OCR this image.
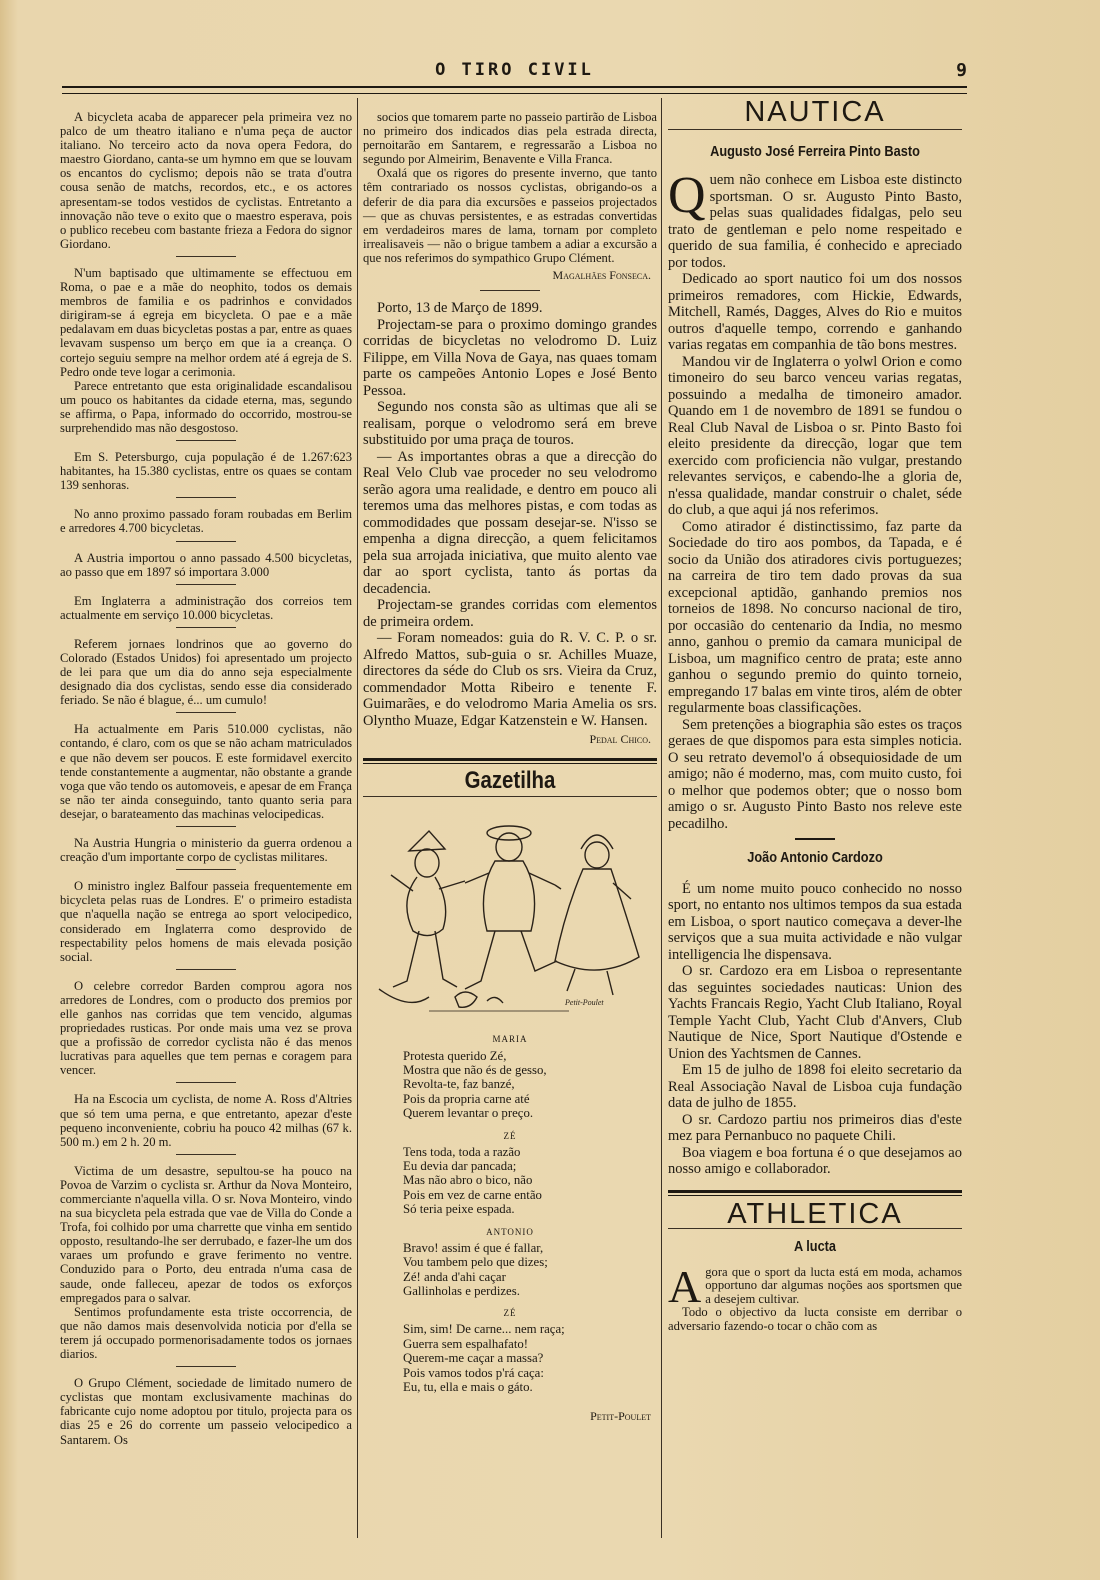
O TIRO CIVIL	9

A bicycleta acaba de apparecer pela primeira vez no palco de um theatro italiano e n'uma peça de auctor italiano. No terceiro acto da nova opera Fedora, do maestro Giordano, canta-se um hymno em que se louvam os encantos do cyclismo; depois não se trata d'outra cousa senão de matchs, recordos, etc., e os actores apresentam-se todos vestidos de cyclistas. Entretanto a innovação não teve o exito que o maestro esperava, pois o publico recebeu com bastante frieza a Fedora do signor Giordano.

N'um baptisado que ultimamente se effectuou em Roma, o pae e a mãe do neophito, todos os demais membros de familia e os padrinhos e convidados dirigiram-se á egreja em bicycleta. O pae e a mãe pedalavam em duas bicycletas postas a par, entre as quaes levavam suspenso um berço em que ia a creança. O cortejo seguiu sempre na melhor ordem até á egreja de S. Pedro onde teve logar a cerimonia.

Parece entretanto que esta originalidade escandalisou um pouco os habitantes da cidade eterna, mas, segundo se affirma, o Papa, informado do occorrido, mostrou-se surprehendido mas não desgostoso.

Em S. Petersburgo, cuja população é de 1.267:623 habitantes, ha 15.380 cyclistas, entre os quaes se contam 139 senhoras.

No anno proximo passado foram roubadas em Berlim e arredores 4.700 bicycletas.

A Austria importou o anno passado 4.500 bicycletas, ao passo que em 1897 só importara 3.000

Em Inglaterra a administração dos correios tem actualmente em serviço 10.000 bicycletas.

Referem jornaes londrinos que ao governo do Colorado (Estados Unidos) foi apresentado um projecto de lei para que um dia do anno seja especialmente designado dia dos cyclistas, sendo esse dia considerado feriado. Se não é blague, é... um cumulo!

Ha actualmente em Paris 510.000 cyclistas, não contando, é claro, com os que se não acham matriculados e que não devem ser poucos. E este formidavel exercito tende constantemente a augmentar, não obstante a grande voga que vão tendo os automoveis, e apesar de em França se não ter ainda conseguindo, tanto quanto seria para desejar, o barateamento das machinas velocipedicas.

Na Austria Hungria o ministerio da guerra ordenou a creação d'um importante corpo de cyclistas militares.

O ministro inglez Balfour passeia frequentemente em bicycleta pelas ruas de Londres. E' o primeiro estadista que n'aquella nação se entrega ao sport velocipedico, considerado em Inglaterra como desprovido de respectability pelos homens de mais elevada posição social.

O celebre corredor Barden comprou agora nos arredores de Londres, com o producto dos premios por elle ganhos nas corridas que tem vencido, algumas propriedades rusticas. Por onde mais uma vez se prova que a profissão de corredor cyclista não é das menos lucrativas para aquelles que tem pernas e coragem para vencer.

Ha na Escocia um cyclista, de nome A. Ross d'Altries que só tem uma perna, e que entretanto, apezar d'este pequeno inconveniente, cobriu ha pouco 42 milhas (67 k. 500 m.) em 2 h. 20 m.

Victima de um desastre, sepultou-se ha pouco na Povoa de Varzim o cyclista sr. Arthur da Nova Monteiro, commerciante n'aquella villa. O sr. Nova Monteiro, vindo na sua bicycleta pela estrada que vae de Villa do Conde a Trofa, foi colhido por uma charrette que vinha em sentido opposto, resultando-lhe ser derrubado, e fazer-lhe um dos varaes um profundo e grave ferimento no ventre. Conduzido para o Porto, deu entrada n'uma casa de saude, onde falleceu, apezar de todos os exforços empregados para o salvar.

Sentimos profundamente esta triste occorrencia, de que não damos mais desenvolvida noticia por d'ella se terem já occupado pormenorisadamente todos os jornaes diarios.

O Grupo Clément, sociedade de limitado numero de cyclistas que montam exclusivamente machinas do fabricante cujo nome adoptou por titulo, projecta para os dias 25 e 26 do corrente um passeio velocipedico a Santarem. Os

socios que tomarem parte no passeio partirão de Lisboa no primeiro dos indicados dias pela estrada directa, pernoitarão em Santarem, e regressarão a Lisboa no segundo por Almeirim, Benavente e Villa Franca.

Oxalá que os rigores do presente inverno, que tanto têm contrariado os nossos cyclistas, obrigando-os a deferir de dia para dia excursões e passeios projectados — que as chuvas persistentes, e as estradas convertidas em verdadeiros mares de lama, tornam por completo irrealisaveis — não o brigue tambem a adiar a excursão a que nos referimos do sympathico Grupo Clément.

Magalhães Fonseca.

Porto, 13 de Março de 1899.

Projectam-se para o proximo domingo grandes corridas de bicycletas no velodromo D. Luiz Filippe, em Villa Nova de Gaya, nas quaes tomam parte os campeões Antonio Lopes e José Bento Pessoa.

Segundo nos consta são as ultimas que ali se realisam, porque o velodromo será em breve substituido por uma praça de touros.

— As importantes obras a que a direcção do Real Velo Club vae proceder no seu velodromo serão agora uma realidade, e dentro em pouco ali teremos uma das melhores pistas, e com todas as commodidades que possam desejar-se. N'isso se empenha a digna direcção, a quem felicitamos pela sua arrojada iniciativa, que muito alento vae dar ao sport cyclista, tanto ás portas da decadencia.

Projectam-se grandes corridas com elementos de primeira ordem.

— Foram nomeados: guia do R. V. C. P. o sr. Alfredo Mattos, sub-guia o sr. Achilles Muaze, directores da séde do Club os srs. Vieira da Cruz, commendador Motta Ribeiro e tenente F. Guimarães, e do velodromo Maria Amelia os srs. Olyntho Muaze, Edgar Katzenstein e W. Hansen.

Pedal Chico.
Gazetilha
Petit-Poulet
MARIA
Protesta querido Zé,
Mostra que não és de gesso,
Revolta-te, faz banzé,
Pois da propria carne até
Querem levantar o preço.
ZÉ
Tens toda, toda a razão
Eu devia dar pancada;
Mas não abro o bico, não
Pois em vez de carne então
Só teria peixe espada.
ANTONIO
Bravo! assim é que é fallar,
Vou tambem pelo que dizes;
Zé! anda d'ahi caçar
Gallinholas e perdizes.
ZÉ
Sim, sim! De carne... nem raça;
Guerra sem espalhafato!
Querem-me caçar a massa?
Pois vamos todos p'rá caça:
Eu, tu, ella e mais o gáto.
Petit-Poulet
NAUTICA
Augusto José Ferreira Pinto Basto
Q uem não conhece em Lisboa este distincto sportsman. O sr. Augusto Pinto Basto, pelas suas qualidades fidalgas, pelo seu trato de gentleman e pelo nome respeitado e querido de sua familia, é conhecido e apreciado por todos.

Dedicado ao sport nautico foi um dos nossos primeiros remadores, com Hickie, Edwards, Mitchell, Ramés, Dagges, Alves do Rio e muitos outros d'aquelle tempo, correndo e ganhando varias regatas em companhia de tão bons mestres.

Mandou vir de Inglaterra o yolwl Orion e como timoneiro do seu barco venceu varias regatas, possuindo a medalha de timoneiro amador. Quando em 1 de novembro de 1891 se fundou o Real Club Naval de Lisboa o sr. Pinto Basto foi eleito presidente da direcção, logar que tem exercido com proficiencia não vulgar, prestando relevantes serviços, e cabendo-lhe a gloria de, n'essa qualidade, mandar construir o chalet, séde do club, a que aqui já nos referimos.

Como atirador é distinctissimo, faz parte da Sociedade do tiro aos pombos, da Tapada, e é socio da União dos atiradores civis portuguezes; na carreira de tiro tem dado provas da sua excepcional aptidão, ganhando premios nos torneios de 1898. No concurso nacional de tiro, por occasião do centenario da India, no mesmo anno, ganhou o premio da camara municipal de Lisboa, um magnifico centro de prata; este anno ganhou o segundo premio do quinto torneio, empregando 17 balas em vinte tiros, além de obter regularmente boas classificações.

Sem pretenções a biographia são estes os traços geraes de que dispomos para esta simples noticia. O seu retrato devemol'o á obsequiosidade de um amigo; não é moderno, mas, com muito custo, foi o melhor que podemos obter; que o nosso bom amigo o sr. Augusto Pinto Basto nos releve este pecadilho.

João Antonio Cardozo

É um nome muito pouco conhecido no nosso sport, no entanto nos ultimos tempos da sua estada em Lisboa, o sport nautico começava a dever-lhe serviços que a sua muita actividade e não vulgar intelligencia lhe dispensava.

O sr. Cardozo era em Lisboa o representante das seguintes sociedades nauticas: Union des Yachts Francais Regio, Yacht Club Italiano, Royal Temple Yacht Club, Yacht Club d'Anvers, Club Nautique de Nice, Sport Nautique d'Ostende e Union des Yachtsmen de Cannes.

Em 15 de julho de 1898 foi eleito secretario da Real Associação Naval de Lisboa cuja fundação data de julho de 1855.

O sr. Cardozo partiu nos primeiros dias d'este mez para Pernanbuco no paquete Chili.

Boa viagem e boa fortuna é o que desejamos ao nosso amigo e collaborador.

ATHLETICA
A lucta
A gora que o sport da lucta está em moda, achamos opportuno dar algumas noções aos sportsmen que a desejem cultivar.
Todo o objectivo da lucta consiste em derribar o adversario fazendo-o tocar o chão com as
